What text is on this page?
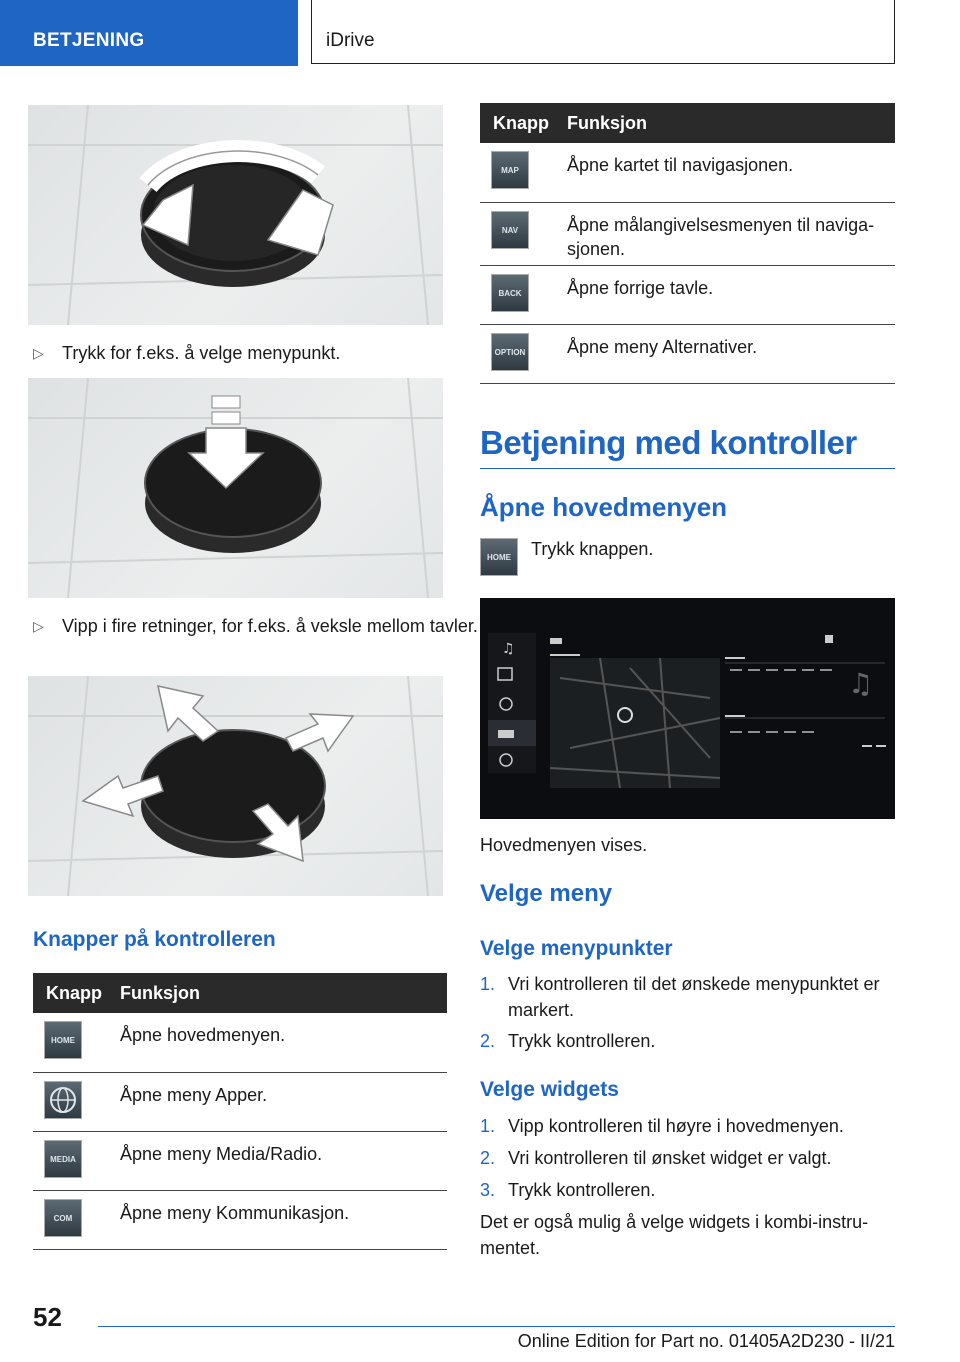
BETJENING	iDrive
▷ Trykk for f.eks. å velge menypunkt.
▷ Vipp i fire retninger, for f.eks. å veksle mellom tavler.
Knapper på kontrolleren
Knapp	Funksjon
HOME	Åpne hovedmenyen.
	Åpne meny Apper.
MEDIA	Åpne meny Media/Radio.
COM	Åpne meny Kommunikasjon.
Knapp	Funksjon
MAP	Åpne kartet til navigasjonen.
NAV	Åpne målangivelsesmenyen til naviga-sjonen.
BACK	Åpne forrige tavle.
OPTION	Åpne meny Alternativer.
Betjening med kontroller
Åpne hovedmenyen
HOME	Trykk knappen.
♫
♫
Hovedmenyen vises.
Velge meny
Velge menypunkter
1. Vri kontrolleren til det ønskede menypunktet er markert.
2. Trykk kontrolleren.
Velge widgets
1. Vipp kontrolleren til høyre i hovedmenyen.
2. Vri kontrolleren til ønsket widget er valgt.
3. Trykk kontrolleren.
Det er også mulig å velge widgets i kombi-instru-mentet.
52
Online Edition for Part no. 01405A2D230 - II/21
